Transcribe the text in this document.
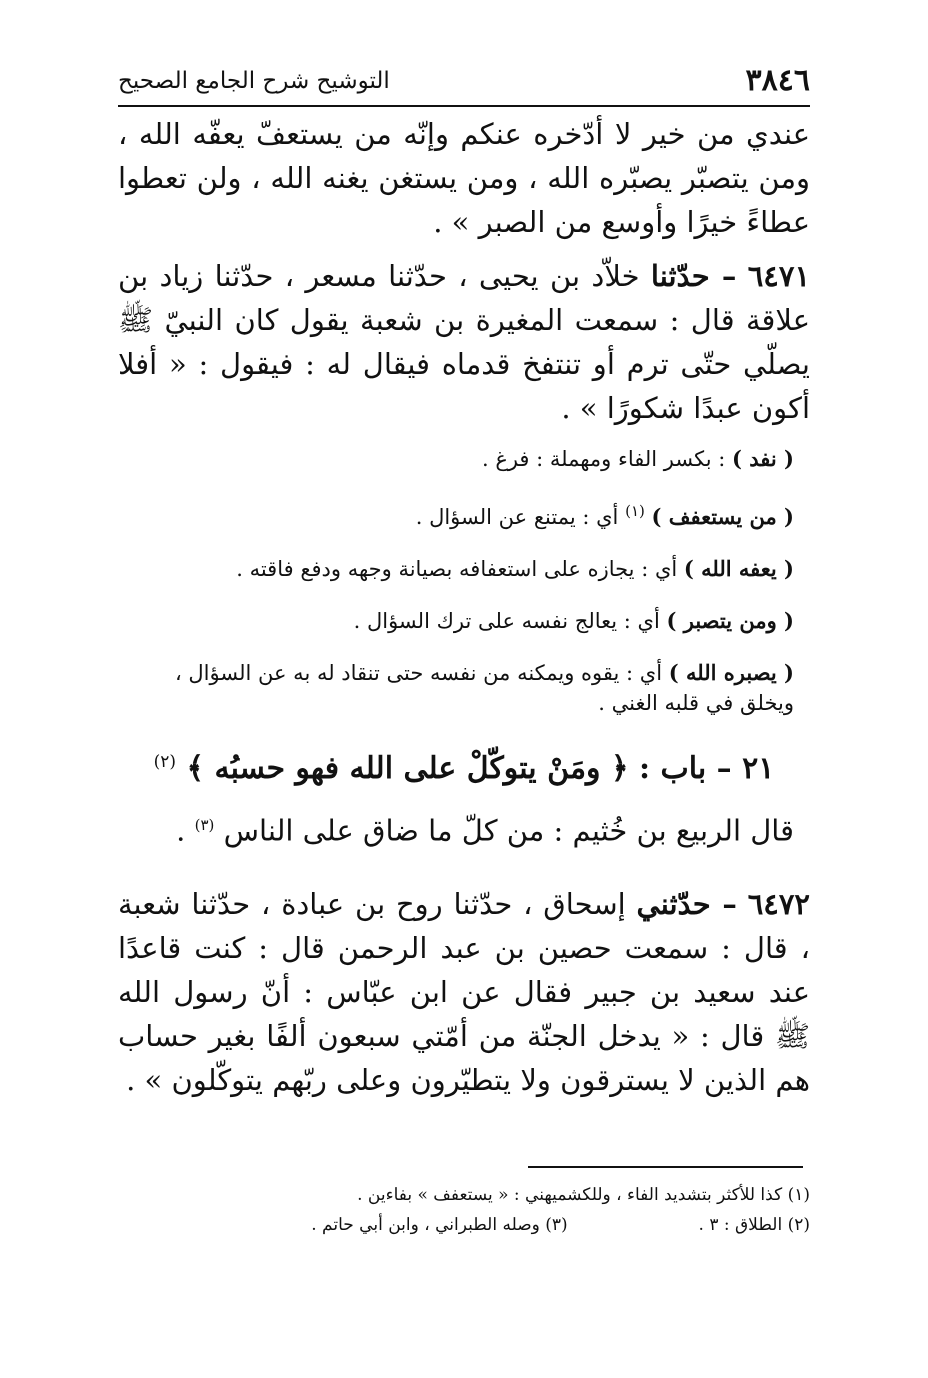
٣٨٤٦
التوشيح شرح الجامع الصحيح

عندي من خير لا أدّخره عنكم وإنّه من يستعفّ يعفّه الله ، ومن يتصبّر يصبّره الله ، ومن يستغن يغنه الله ، ولن تعطوا عطاءً خيرًا وأوسع من الصبر » .

٦٤٧١ – حدّثنا خلاّد بن يحيى ، حدّثنا مسعر ، حدّثنا زياد بن علاقة قال : سمعت المغيرة بن شعبة يقول كان النبيّ ﷺ يصلّي حتّى ترم أو تنتفخ قدماه فيقال له : فيقول : « أفلا أكون عبدًا شكورًا » .

( نفد ) : بكسر الفاء ومهملة : فرغ .

( من يستعفف ) $^{(١)}$ أي : يمتنع عن السؤال .

( يعفه الله ) أي : يجازه على استعفافه بصيانة وجهه ودفع فاقته .

( ومن يتصبر ) أي : يعالج نفسه على ترك السؤال .

( يصبره الله ) أي : يقوه ويمكنه من نفسه حتى تنقاد له به عن السؤال ، ويخلق في قلبه الغني .

٢١ – باب : ﴿ ومَنْ يتوكّلْ على الله فهو حسبُه ﴾ $^{(٢)}$

قال الربيع بن خُثيم : من كلّ ما ضاق على الناس $^{(٣)}$ .

٦٤٧٢ – حدّثني إسحاق ، حدّثنا روح بن عبادة ، حدّثنا شعبة ، قال : سمعت حصين بن عبد الرحمن قال : كنت قاعدًا عند سعيد بن جبير فقال عن ابن عبّاس : أنّ رسول الله ﷺ قال : « يدخل الجنّة من أمّتي سبعون ألفًا بغير حساب هم الذين لا يسترقون ولا يتطيّرون وعلى ربّهم يتوكّلون » .

(١) كذا للأكثر بتشديد الفاء ، وللكشميهني : « يستعفف » بفاءين .
(٢) الطلاق : ٣ .  (٣) وصله الطبراني ، وابن أبي حاتم .
